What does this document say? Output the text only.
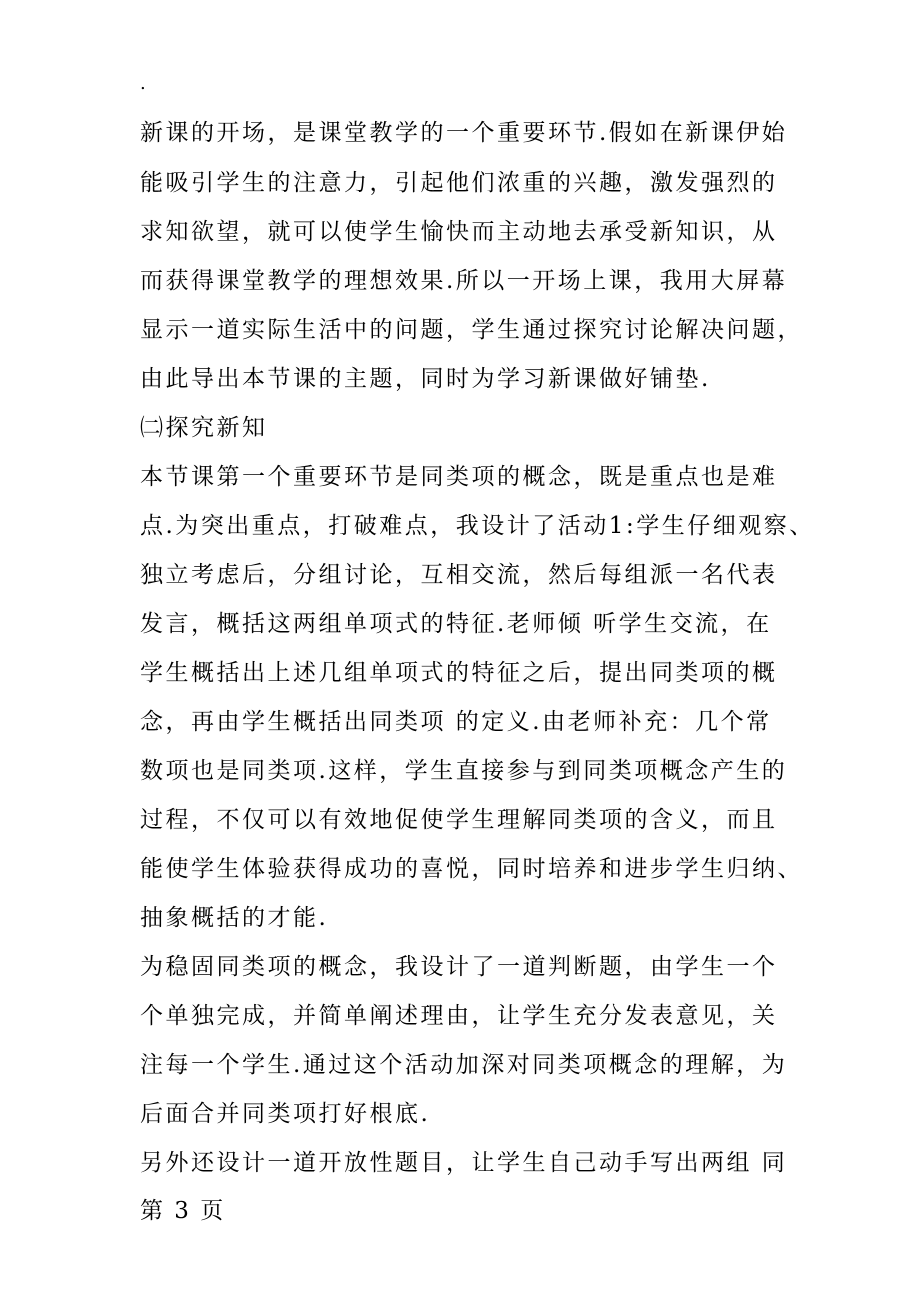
.
新课的开场，是课堂教学的一个重要环节.假如在新课伊始
能吸引学生的注意力，引起他们浓重的兴趣，激发强烈的
求知欲望，就可以使学生愉快而主动地去承受新知识，从
而获得课堂教学的理想效果.所以一开场上课，我用大屏幕
显示一道实际生活中的问题，学生通过探究讨论解决问题，
由此导出本节课的主题，同时为学习新课做好铺垫.
㈡探究新知
本节课第一个重要环节是同类项的概念，既是重点也是难
点.为突出重点，打破难点，我设计了活动1:学生仔细观察、
独立考虑后，分组讨论，互相交流，然后每组派一名代表
发言，概括这两组单项式的特征.老师倾 听学生交流，在
学生概括出上述几组单项式的特征之后，提出同类项的概
念，再由学生概括出同类项 的定义.由老师补充：几个常
数项也是同类项.这样，学生直接参与到同类项概念产生的
过程，不仅可以有效地促使学生理解同类项的含义，而且
能使学生体验获得成功的喜悦，同时培养和进步学生归纳、
抽象概括的才能.
为稳固同类项的概念，我设计了一道判断题，由学生一个
个单独完成，并简单阐述理由，让学生充分发表意见，关
注每一个学生.通过这个活动加深对同类项概念的理解，为
后面合并同类项打好根底.
另外还设计一道开放性题目，让学生自己动手写出两组 同
第 3 页
